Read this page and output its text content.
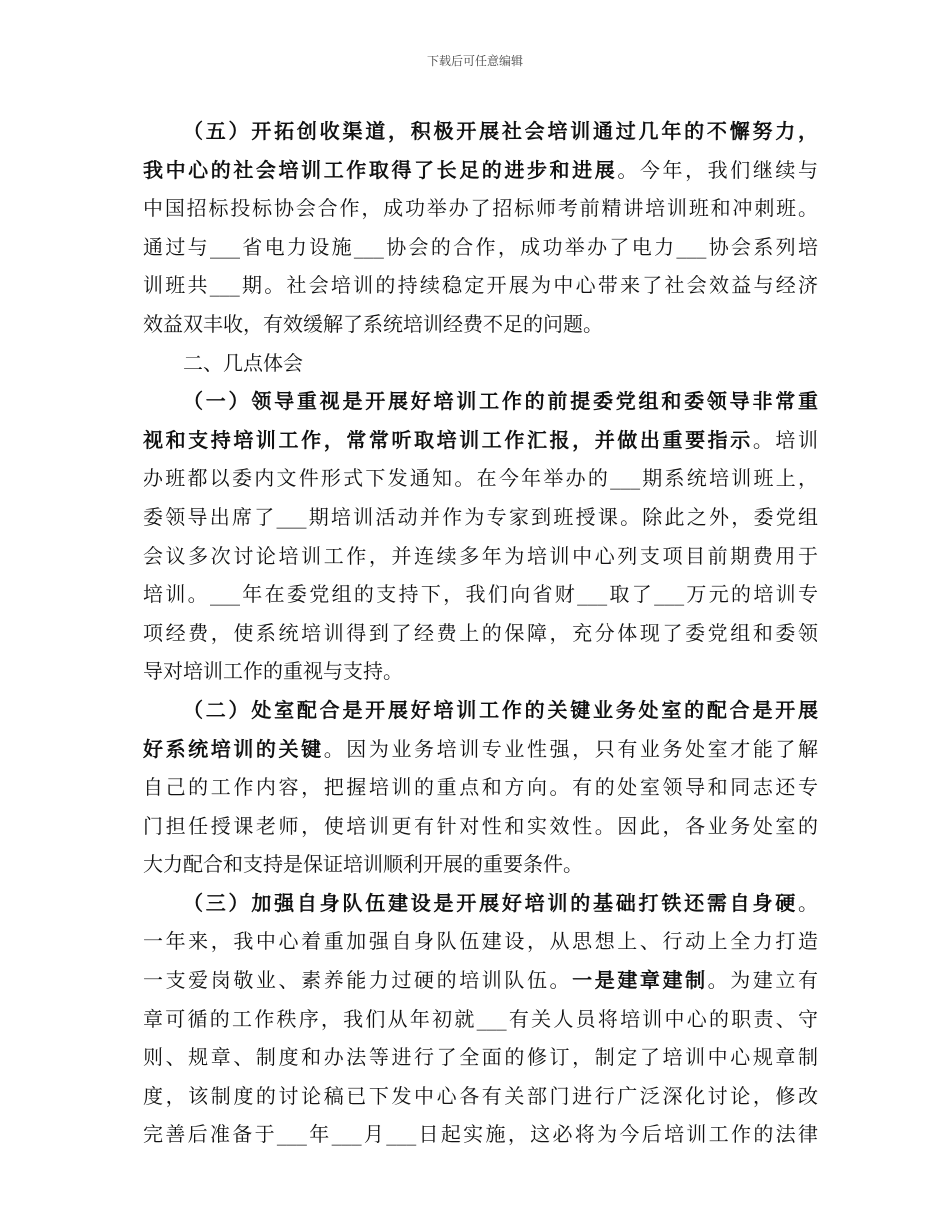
下载后可任意编辑
（五）开拓创收渠道，积极开展社会培训通过几年的不懈努力，
我中心的社会培训工作取得了长足的进步和进展。今年，我们继续与
中国招标投标协会合作，成功举办了招标师考前精讲培训班和冲刺班。
通过与___省电力设施___协会的合作，成功举办了电力___协会系列培
训班共___期。社会培训的持续稳定开展为中心带来了社会效益与经济
效益双丰收，有效缓解了系统培训经费不足的问题。
二、几点体会
（一）领导重视是开展好培训工作的前提委党组和委领导非常重
视和支持培训工作，常常听取培训工作汇报，并做出重要指示。培训
办班都以委内文件形式下发通知。在今年举办的___期系统培训班上，
委领导出席了___期培训活动并作为专家到班授课。除此之外，委党组
会议多次讨论培训工作，并连续多年为培训中心列支项目前期费用于
培训。___年在委党组的支持下，我们向省财___取了___万元的培训专
项经费，使系统培训得到了经费上的保障，充分体现了委党组和委领
导对培训工作的重视与支持。
（二）处室配合是开展好培训工作的关键业务处室的配合是开展
好系统培训的关键。因为业务培训专业性强，只有业务处室才能了解
自己的工作内容，把握培训的重点和方向。有的处室领导和同志还专
门担任授课老师，使培训更有针对性和实效性。因此，各业务处室的
大力配合和支持是保证培训顺利开展的重要条件。
（三）加强自身队伍建设是开展好培训的基础打铁还需自身硬。
一年来，我中心着重加强自身队伍建设，从思想上、行动上全力打造
一支爱岗敬业、素养能力过硬的培训队伍。一是建章建制。为建立有
章可循的工作秩序，我们从年初就___有关人员将培训中心的职责、守
则、规章、制度和办法等进行了全面的修订，制定了培训中心规章制
度，该制度的讨论稿已下发中心各有关部门进行广泛深化讨论，修改
完善后准备于___年___月___日起实施，这必将为今后培训工作的法律
